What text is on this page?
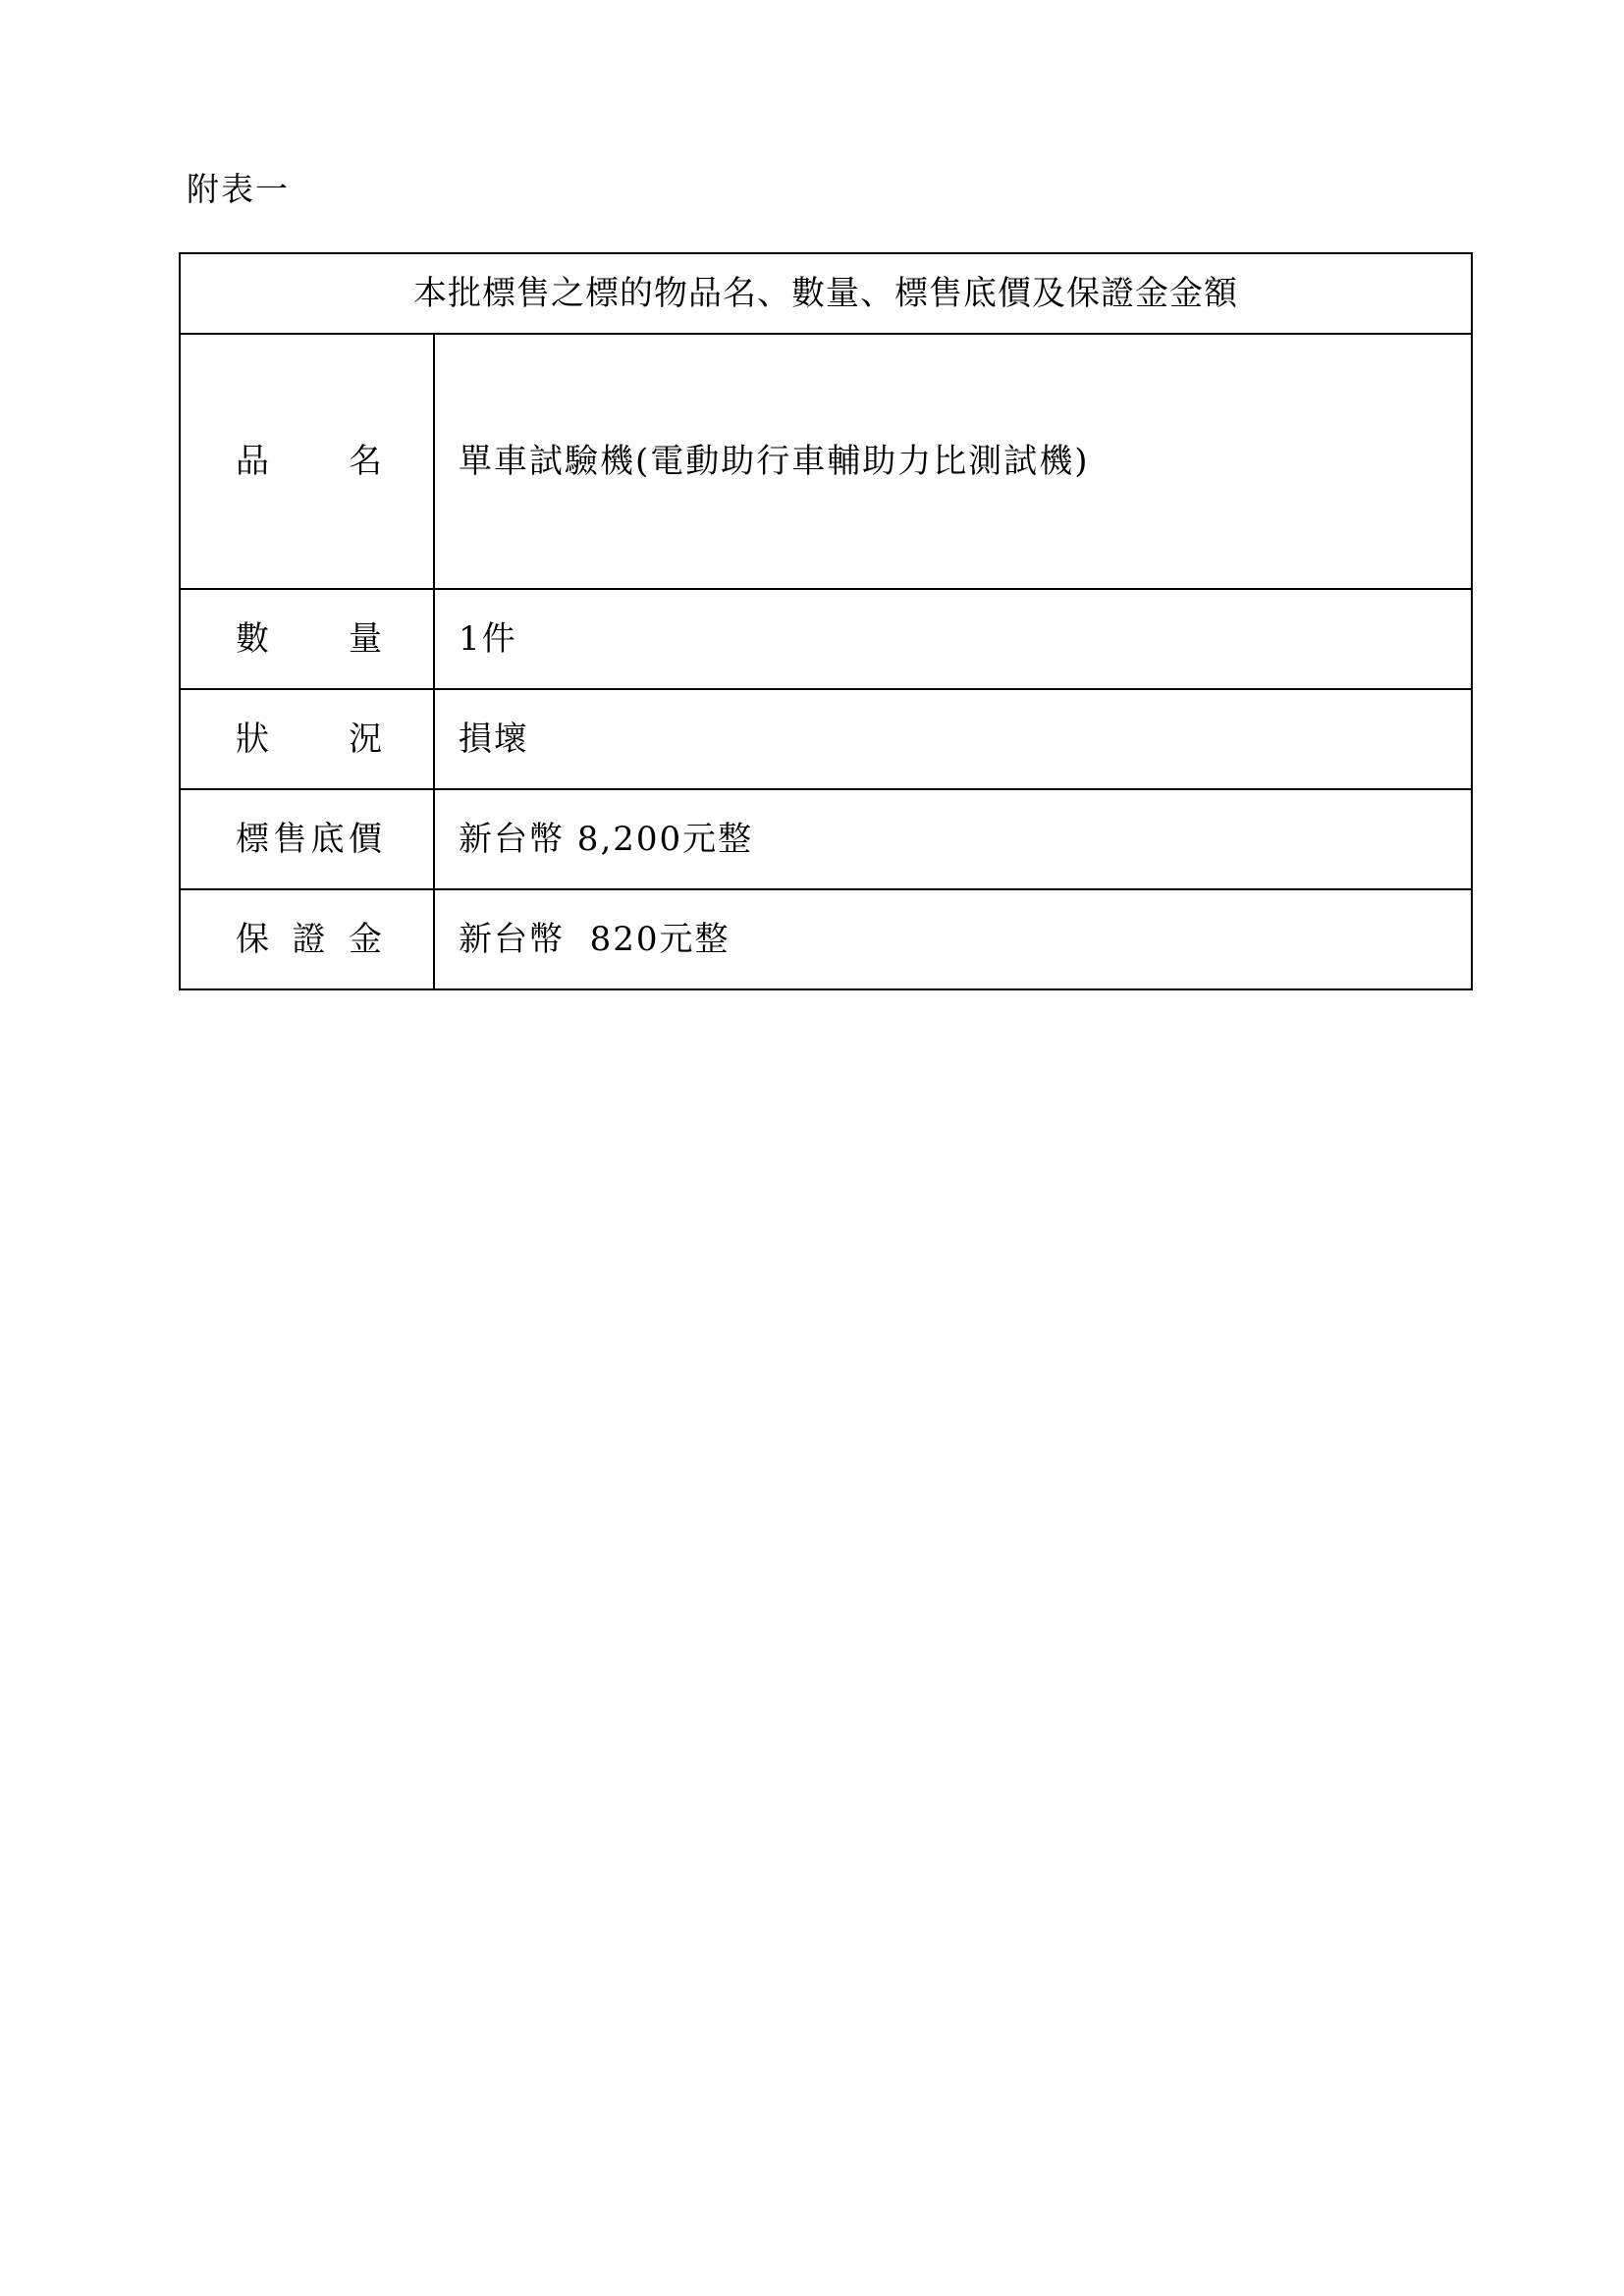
附表一
本批標售之標的物品名、數量、標售底價及保證金金額	

品 名	單車試驗機(電動助行車輔助力比測試機)

數 量	1件

狀 況	損壞

標 售 底 價	新台幣 8,200元整

保 證 金	新台幣  820元整
